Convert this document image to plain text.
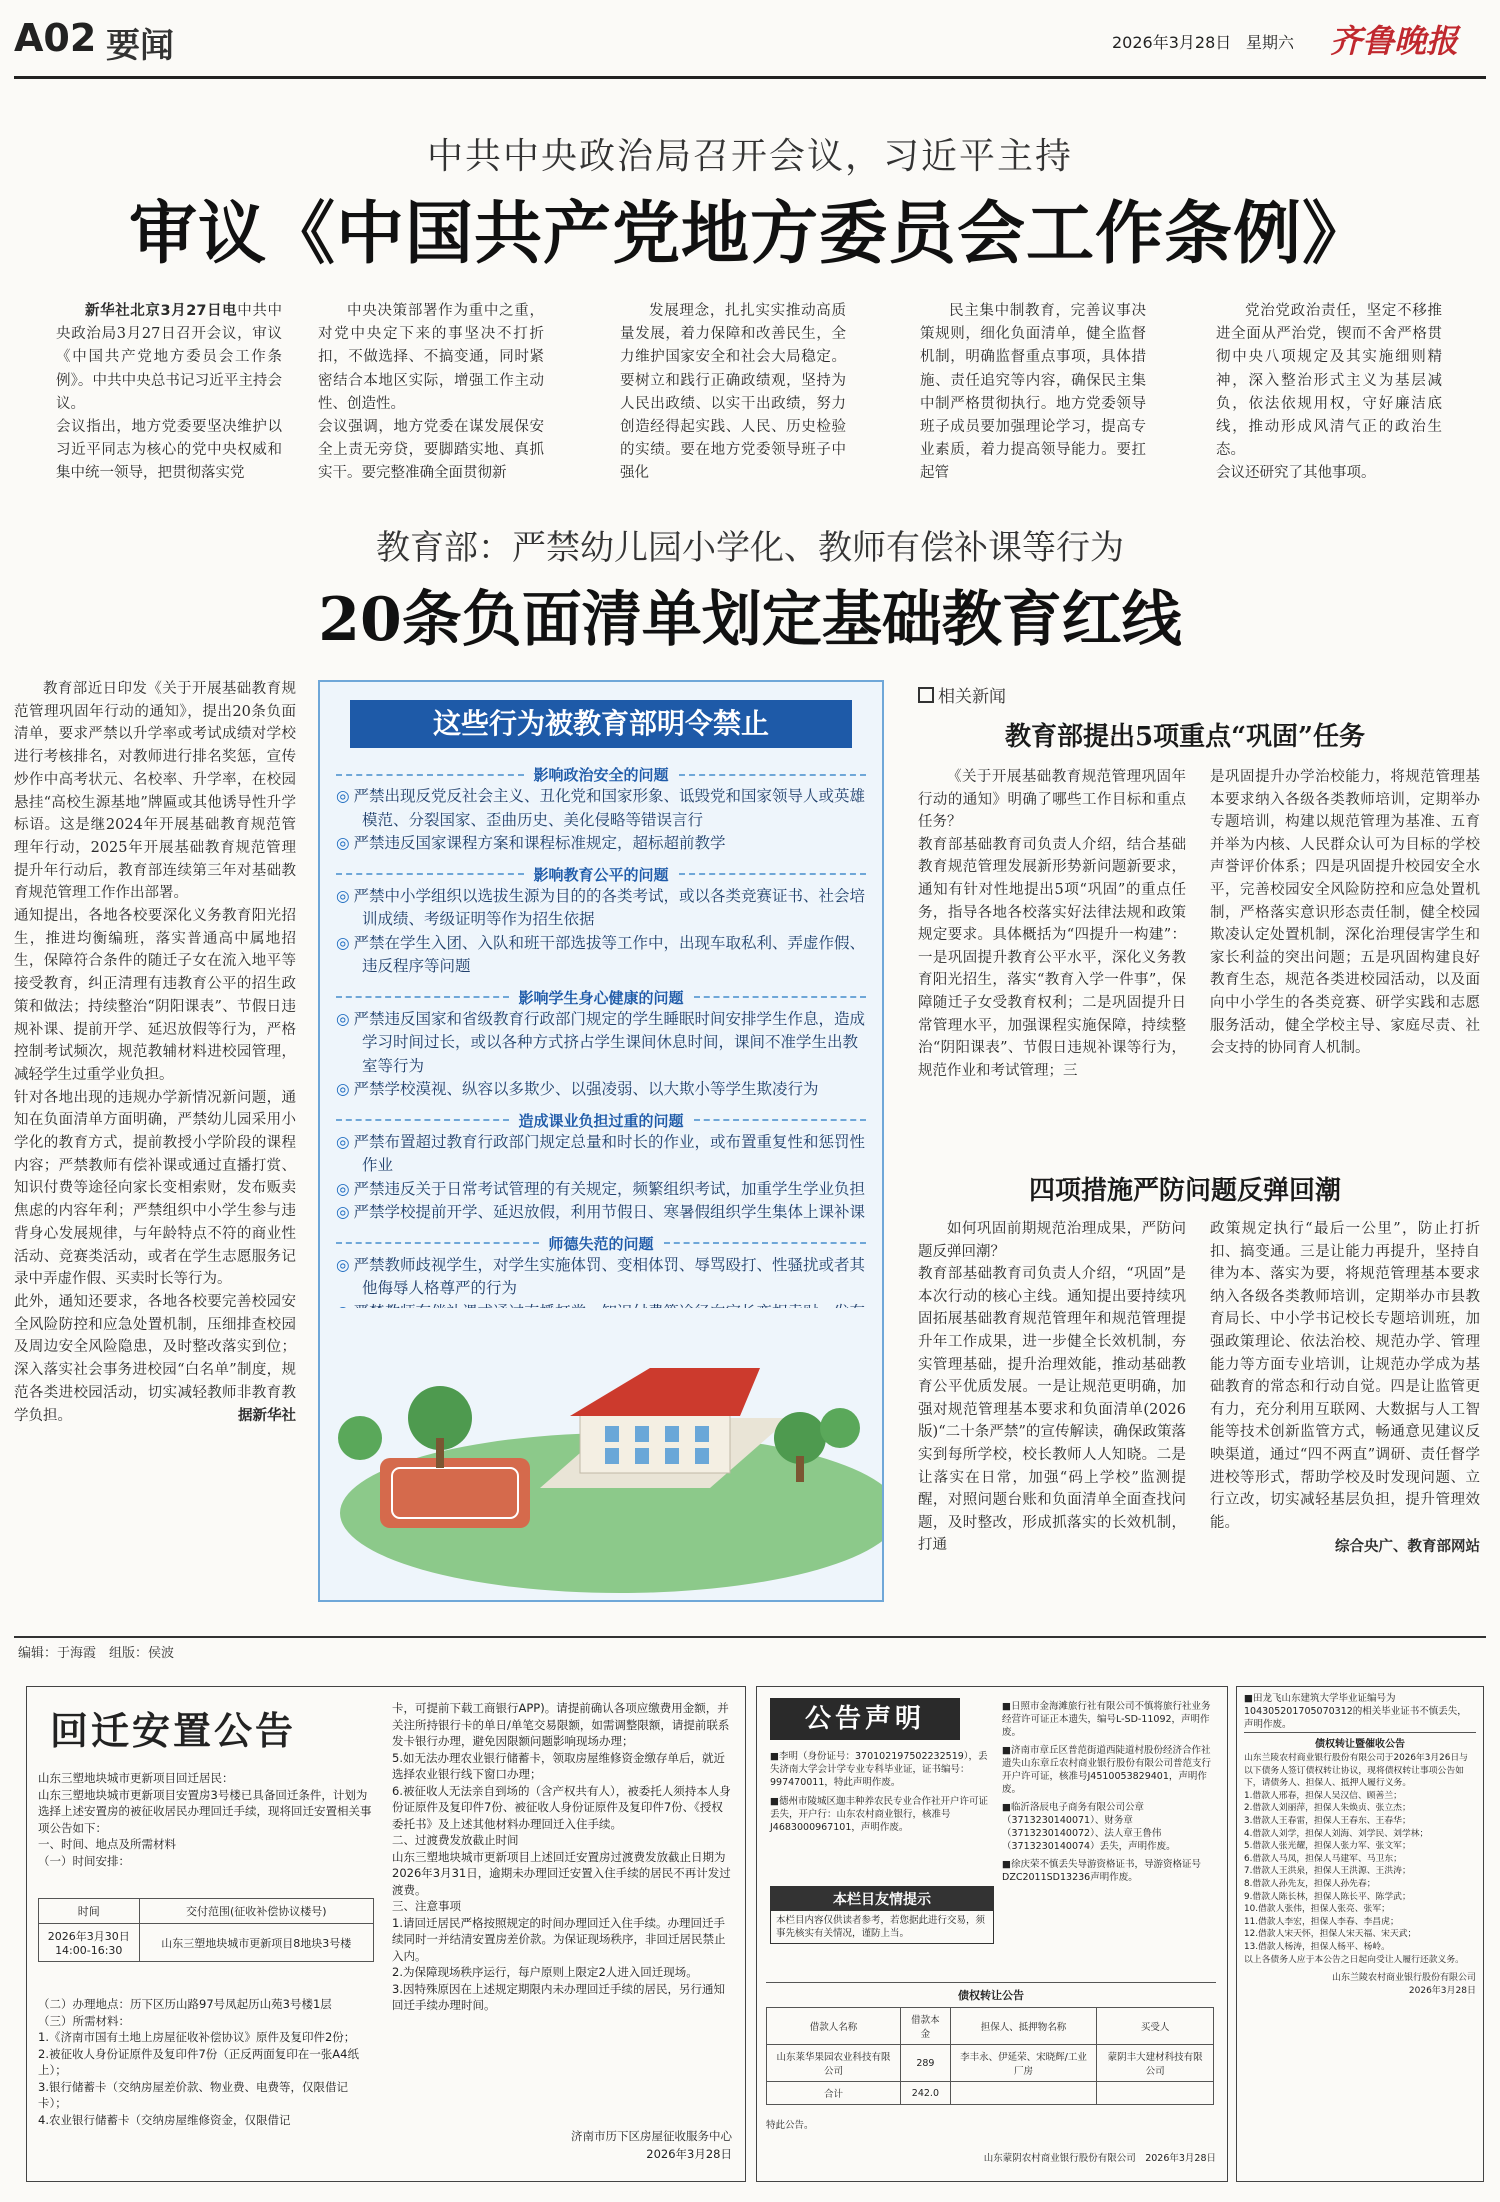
A02 要闻	2026年3月28日 星期六 齐鲁晚报
中共中央政治局召开会议，习近平主持
审议《中国共产党地方委员会工作条例》

新华社北京3月27日电中共中央政治局3月27日召开会议，审议《中国共产党地方委员会工作条例》。中共中央总书记习近平主持会议。
会议指出，地方党委要坚决维护以习近平同志为核心的党中央权威和集中统一领导，把贯彻落实党

中央决策部署作为重中之重，对党中央定下来的事坚决不打折扣，不做选择、不搞变通，同时紧密结合本地区实际，增强工作主动性、创造性。
会议强调，地方党委在谋发展保安全上责无旁贷，要脚踏实地、真抓实干。要完整准确全面贯彻新

发展理念，扎扎实实推动高质量发展，着力保障和改善民生，全力维护国家安全和社会大局稳定。要树立和践行正确政绩观，坚持为人民出政绩、以实干出政绩，努力创造经得起实践、人民、历史检验的实绩。要在地方党委领导班子中强化

民主集中制教育，完善议事决策规则，细化负面清单，健全监督机制，明确监督重点事项，具体措施、责任追究等内容，确保民主集中制严格贯彻执行。地方党委领导班子成员要加强理论学习，提高专业素质，着力提高领导能力。要扛起管

党治党政治责任，坚定不移推进全面从严治党，锲而不舍严格贯彻中央八项规定及其实施细则精神，深入整治形式主义为基层减负，依法依规用权，守好廉洁底线，推动形成风清气正的政治生态。
会议还研究了其他事项。

教育部：严禁幼儿园小学化、教师有偿补课等行为
20条负面清单划定基础教育红线

教育部近日印发《关于开展基础教育规范管理巩固年行动的通知》，提出20条负面清单，要求严禁以升学率或考试成绩对学校进行考核排名，对教师进行排名奖惩，宣传炒作中高考状元、名校率、升学率，在校园悬挂“高校生源基地”牌匾或其他诱导性升学标语。这是继2024年开展基础教育规范管理年行动，2025年开展基础教育规范管理提升年行动后，教育部连续第三年对基础教育规范管理工作作出部署。
通知提出，各地各校要深化义务教育阳光招生，推进均衡编班，落实普通高中属地招生，保障符合条件的随迁子女在流入地平等接受教育，纠正清理有违教育公平的招生政策和做法；持续整治“阴阳课表”、节假日违规补课、提前开学、延迟放假等行为，严格控制考试频次，规范教辅材料进校园管理，减轻学生过重学业负担。
针对各地出现的违规办学新情况新问题，通知在负面清单方面明确，严禁幼儿园采用小学化的教育方式，提前教授小学阶段的课程内容；严禁教师有偿补课或通过直播打赏、知识付费等途径向家长变相索财，发布贩卖焦虑的内容年利；严禁组织中小学生参与违背身心发展规律，与年龄特点不符的商业性活动、竞赛类活动，或者在学生志愿服务记录中弄虚作假、买卖时长等行为。
此外，通知还要求，各地各校要完善校园安全风险防控和应急处置机制，压细排查校园及周边安全风险隐患，及时整改落实到位；深入落实社会事务进校园“白名单”制度，规范各类进校园活动，切实减轻教师非教育教学负担。	据新华社
这些行为被教育部明令禁止
影响政治安全的问题
◎ 严禁出现反党反社会主义、丑化党和国家形象、诋毁党和国家领导人或英雄模范、分裂国家、歪曲历史、美化侵略等错误言行
◎ 严禁违反国家课程方案和课程标准规定，超标超前教学
影响教育公平的问题
◎ 严禁中小学组织以选拔生源为目的的各类考试，或以各类竞赛证书、社会培训成绩、考级证明等作为招生依据
◎ 严禁在学生入团、入队和班干部选拔等工作中，出现车取私利、弄虚作假、违反程序等问题
影响学生身心健康的问题
◎ 严禁违反国家和省级教育行政部门规定的学生睡眠时间安排学生作息，造成学习时间过长，或以各种方式挤占学生课间休息时间，课间不准学生出教室等行为
◎ 严禁学校漠视、纵容以多欺少、以强凌弱、以大欺小等学生欺凌行为
造成课业负担过重的问题
◎ 严禁布置超过教育行政部门规定总量和时长的作业，或布置重复性和惩罚性作业
◎ 严禁违反关于日常考试管理的有关规定，频繁组织考试，加重学生学业负担
◎ 严禁学校提前开学、延迟放假，利用节假日、寒暑假组织学生集体上课补课
师德失范的问题
◎ 严禁教师歧视学生，对学生实施体罚、变相体罚、辱骂殴打、性骚扰或者其他侮辱人格尊严的行为
相关新闻
教育部提出5项重点“巩固”任务

《关于开展基础教育规范管理巩固年行动的通知》明确了哪些工作目标和重点任务？
教育部基础教育司负责人介绍，结合基础教育规范管理发展新形势新问题新要求，通知有针对性地提出5项“巩固”的重点任务，指导各地各校落实好法律法规和政策规定要求。具体概括为“四提升一构建”：一是巩固提升教育公平水平，深化义务教育阳光招生，落实“教育入学一件事”，保障随迁子女受教育权利；二是巩固提升日常管理水平，加强课程实施保障，持续整治“阴阳课表”、节假日违规补课等行为，规范作业和考试管理；三

是巩固提升办学治校能力，将规范管理基本要求纳入各级各类教师培训，定期举办专题培训，构建以规范管理为基准、五育并举为内核、人民群众认可为目标的学校声誉评价体系；四是巩固提升校园安全水平，完善校园安全风险防控和应急处置机制，严格落实意识形态责任制，健全校园欺凌认定处置机制，深化治理侵害学生和家长利益的突出问题；五是巩固构建良好教育生态，规范各类进校园活动，以及面向中小学生的各类竞赛、研学实践和志愿服务活动，健全学校主导、家庭尽责、社会支持的协同育人机制。

四项措施严防问题反弹回潮

如何巩固前期规范治理成果，严防问题反弹回潮？
教育部基础教育司负责人介绍，“巩固”是本次行动的核心主线。通知提出要持续巩固拓展基础教育规范管理年和规范管理提升年工作成果，进一步健全长效机制，夯实管理基础，提升治理效能，推动基础教育公平优质发展。一是让规范更明确，加强对规范管理基本要求和负面清单(2026版)“二十条严禁”的宣传解读，确保政策落实到每所学校，校长教师人人知晓。二是让落实在日常，加强“码上学校”监测提醒，对照问题台账和负面清单全面查找问题，及时整改，形成抓落实的长效机制，打通

政策规定执行“最后一公里”，防止打折扣、搞变通。三是让能力再提升，坚持自律为本、落实为要，将规范管理基本要求纳入各级各类教师培训，定期举办市县教育局长、中小学书记校长专题培训班，加强政策理论、依法治校、规范办学、管理能力等方面专业培训，让规范办学成为基础教育的常态和行动自觉。四是让监管更有力，充分利用互联网、大数据与人工智能等技术创新监管方式，畅通意见建议反映渠道，通过“四不两直”调研、责任督学进校等形式，帮助学校及时发现问题、立行立改，切实减轻基层负担，提升管理效能。

综合央广、教育部网站
编辑：于海霞　组版：侯波
回迁安置公告
山东三塑地块城市更新项目回迁居民：
山东三塑地块城市更新项目安置房3号楼已具备回迁条件，计划为选择上述安置房的被征收居民办理回迁手续，现将回迁安置相关事项公告如下：
一、时间、地点及所需材料
（一）时间安排：
时间	交付范围(征收补偿协议楼号)
2026年3月30日
14:00-16:30	山东三塑地块城市更新项目8地块3号楼
（二）办理地点：历下区历山路97号凤起历山苑3号楼1层
（三）所需材料：
1.《济南市国有土地上房屋征收补偿协议》原件及复印件2份；
2.被征收人身份证原件及复印件7份（正反两面复印在一张A4纸上）；
3.银行储蓄卡（交纳房屋差价款、物业费、电费等，仅限借记卡）；
4.农业银行储蓄卡（交纳房屋维修资金，仅限借记
卡，可提前下载工商银行APP)。请提前确认各项应缴费用金额，并关注所持银行卡的单日/单笔交易限额，如需调整限额，请提前联系发卡银行办理，避免因限额问题影响现场办理；
5.如无法办理农业银行储蓄卡，领取房屋维修资金缴存单后，就近选择农业银行线下窗口办理；
6.被征收人无法亲自到场的（含产权共有人），被委托人须持本人身份证原件及复印件7份、被征收人身份证原件及复印件7份、《授权委托书》及上述其他材料办理回迁入住手续。
二、过渡费发放截止时间
山东三塑地块城市更新项目上述回迁安置房过渡费发放截止日期为2026年3月31日，逾期未办理回迁安置入住手续的居民不再计发过渡费。
三、注意事项
1.请回迁居民严格按照规定的时间办理回迁入住手续。办理回迁手续同时一并结清安置房差价款。为保证现场秩序，非回迁居民禁止入内。
2.为保障现场秩序运行，每户原则上限定2人进入回迁现场。
3.因特殊原因在上述规定期限内未办理回迁手续的居民，另行通知回迁手续办理时间。
济南市历下区房屋征收服务中心
2026年3月28日
公告声明

■李明（身份证号：370102197502232519），丢失济南大学会计学专业专科毕业证，证书编号：997470011，特此声明作废。

■德州市陵城区迦丰种养农民专业合作社开户许可证丢失，开户行：山东农村商业银行，核准号J4683000967101，声明作废。

本栏目友情提示
本栏目内容仅供读者参考，若您据此进行交易，须事先核实有关情况，谨防上当。

■日照市金海滩旅行社有限公司不慎将旅行社业务经营许可证正本遗失，编号L-SD-11092，声明作废。

■济南市章丘区普范街道西陡道村股份经济合作社遗失山东章丘农村商业银行股份有限公司普范支行开户许可证，核准号J4510053829401，声明作废。

■临沂洛辰电子商务有限公司公章（3713230140071）、财务章（3713230140072）、法人章王鲁伟（3713230140074）丢失，声明作废。

■徐庆荣不慎丢失导游资格证书，导游资格证号DZC2011SD13236声明作废。

债权转让公告
借款人名称	借款本金	担保人、抵押物名称	买受人
山东莱华果园农业科技有限公司	289	李丰永、伊延荣、宋晓辉/工业厂房	蒙阴丰大建材科技有限公司
合计	242.0		
特此公告。
山东蒙阴农村商业银行股份有限公司　2026年3月28日
■田龙飞山东建筑大学毕业证编号为104305201705070312的相关毕业证书不慎丢失，声明作废。
债权转让暨催收公告
山东兰陵农村商业银行股份有限公司于2026年3月26日与以下债务人签订债权转让协议，现将债权转让事项公告如下，请债务人、担保人、抵押人履行义务。
1.借款人邢春，担保人吴汉信、顾善兰；
2.借款人刘丽萍，担保人朱焕贞、张立杰；
3.借款人王春雷，担保人王春东、王春华；
4.借款人刘学，担保人刘海、刘学民、刘学林；
5.借款人张光耀，担保人张力军、张文军；
6.借款人马凤，担保人马建军、马卫东；
7.借款人王洪泉，担保人王洪源、王洪涛；
8.借款人孙先友，担保人孙先春；
9.借款人陈长林，担保人陈长平、陈学武；
10.借款人张伟，担保人张亮、张军；
11.借款人李宏，担保人李春、李昌虎；
12.借款人宋天怀，担保人宋天福、宋天武；
13.借款人杨涛，担保人杨平、杨岭。
以上各债务人应于本公告之日起向受让人履行还款义务。
山东兰陵农村商业银行股份有限公司
2026年3月28日
